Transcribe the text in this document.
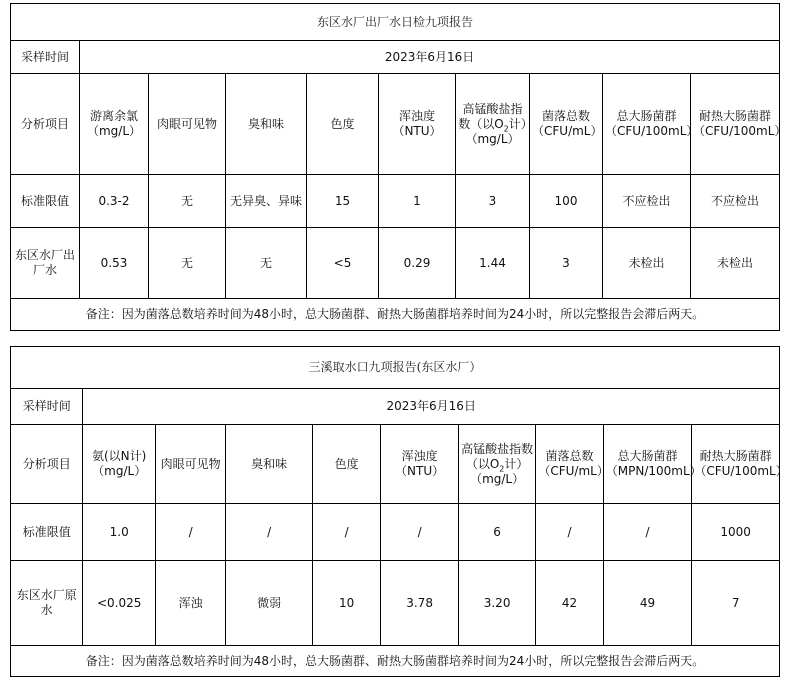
东区水厂出厂水日检九项报告									
采样时间	2023年6月16日								
分析项目	游离余氯（mg/L）	肉眼可见物	臭和味	色度	浑浊度（NTU）	高锰酸盐指数（以$O_2$计）（mg/L）	菌落总数（CFU/mL）	总大肠菌群（CFU/100mL）	耐热大肠菌群（CFU/100mL）
标准限值	0.3-2	无	无异臭、异味	15	1	3	100	不应检出	不应检出
东区水厂出厂水	0.53	无	无	<5	0.29	1.44	3	未检出	未检出
备注：因为菌落总数培养时间为48小时，总大肠菌群、耐热大肠菌群培养时间为24小时，所以完整报告会滞后两天。									
三溪取水口九项报告(东区水厂）									
采样时间	2023年6月16日								
分析项目	氨(以N计)（mg/L）	肉眼可见物	臭和味	色度	浑浊度（NTU）	高锰酸盐指数（以$O_2$计）（mg/L）	菌落总数（CFU/mL）	总大肠菌群（MPN/100mL）	耐热大肠菌群（CFU/100mL）
标准限值	1.0	/	/	/	/	6	/	/	1000
东区水厂原水	<0.025	浑浊	微弱	10	3.78	3.20	42	49	7
备注：因为菌落总数培养时间为48小时，总大肠菌群、耐热大肠菌群培养时间为24小时，所以完整报告会滞后两天。									
